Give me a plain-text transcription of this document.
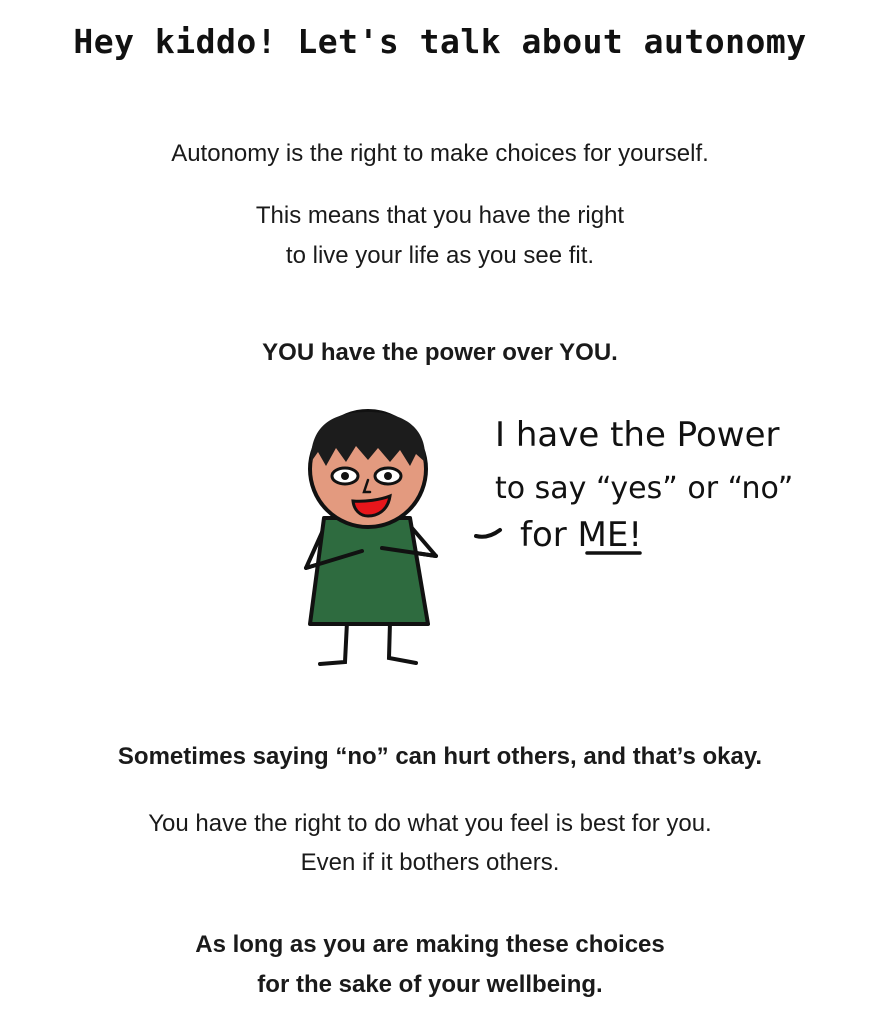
Hey kiddo! Let's talk about autonomy
Autonomy is the right to make choices for yourself.
This means that you have the right
to live your life as you see fit.
YOU have the power over YOU.
I have the Power
to say “yes” or “no”
for ME!
Sometimes saying “no” can hurt others, and that’s okay.
You have the right to do what you feel is best for you.
Even if it bothers others.
As long as you are making these choices
for the sake of your wellbeing.
